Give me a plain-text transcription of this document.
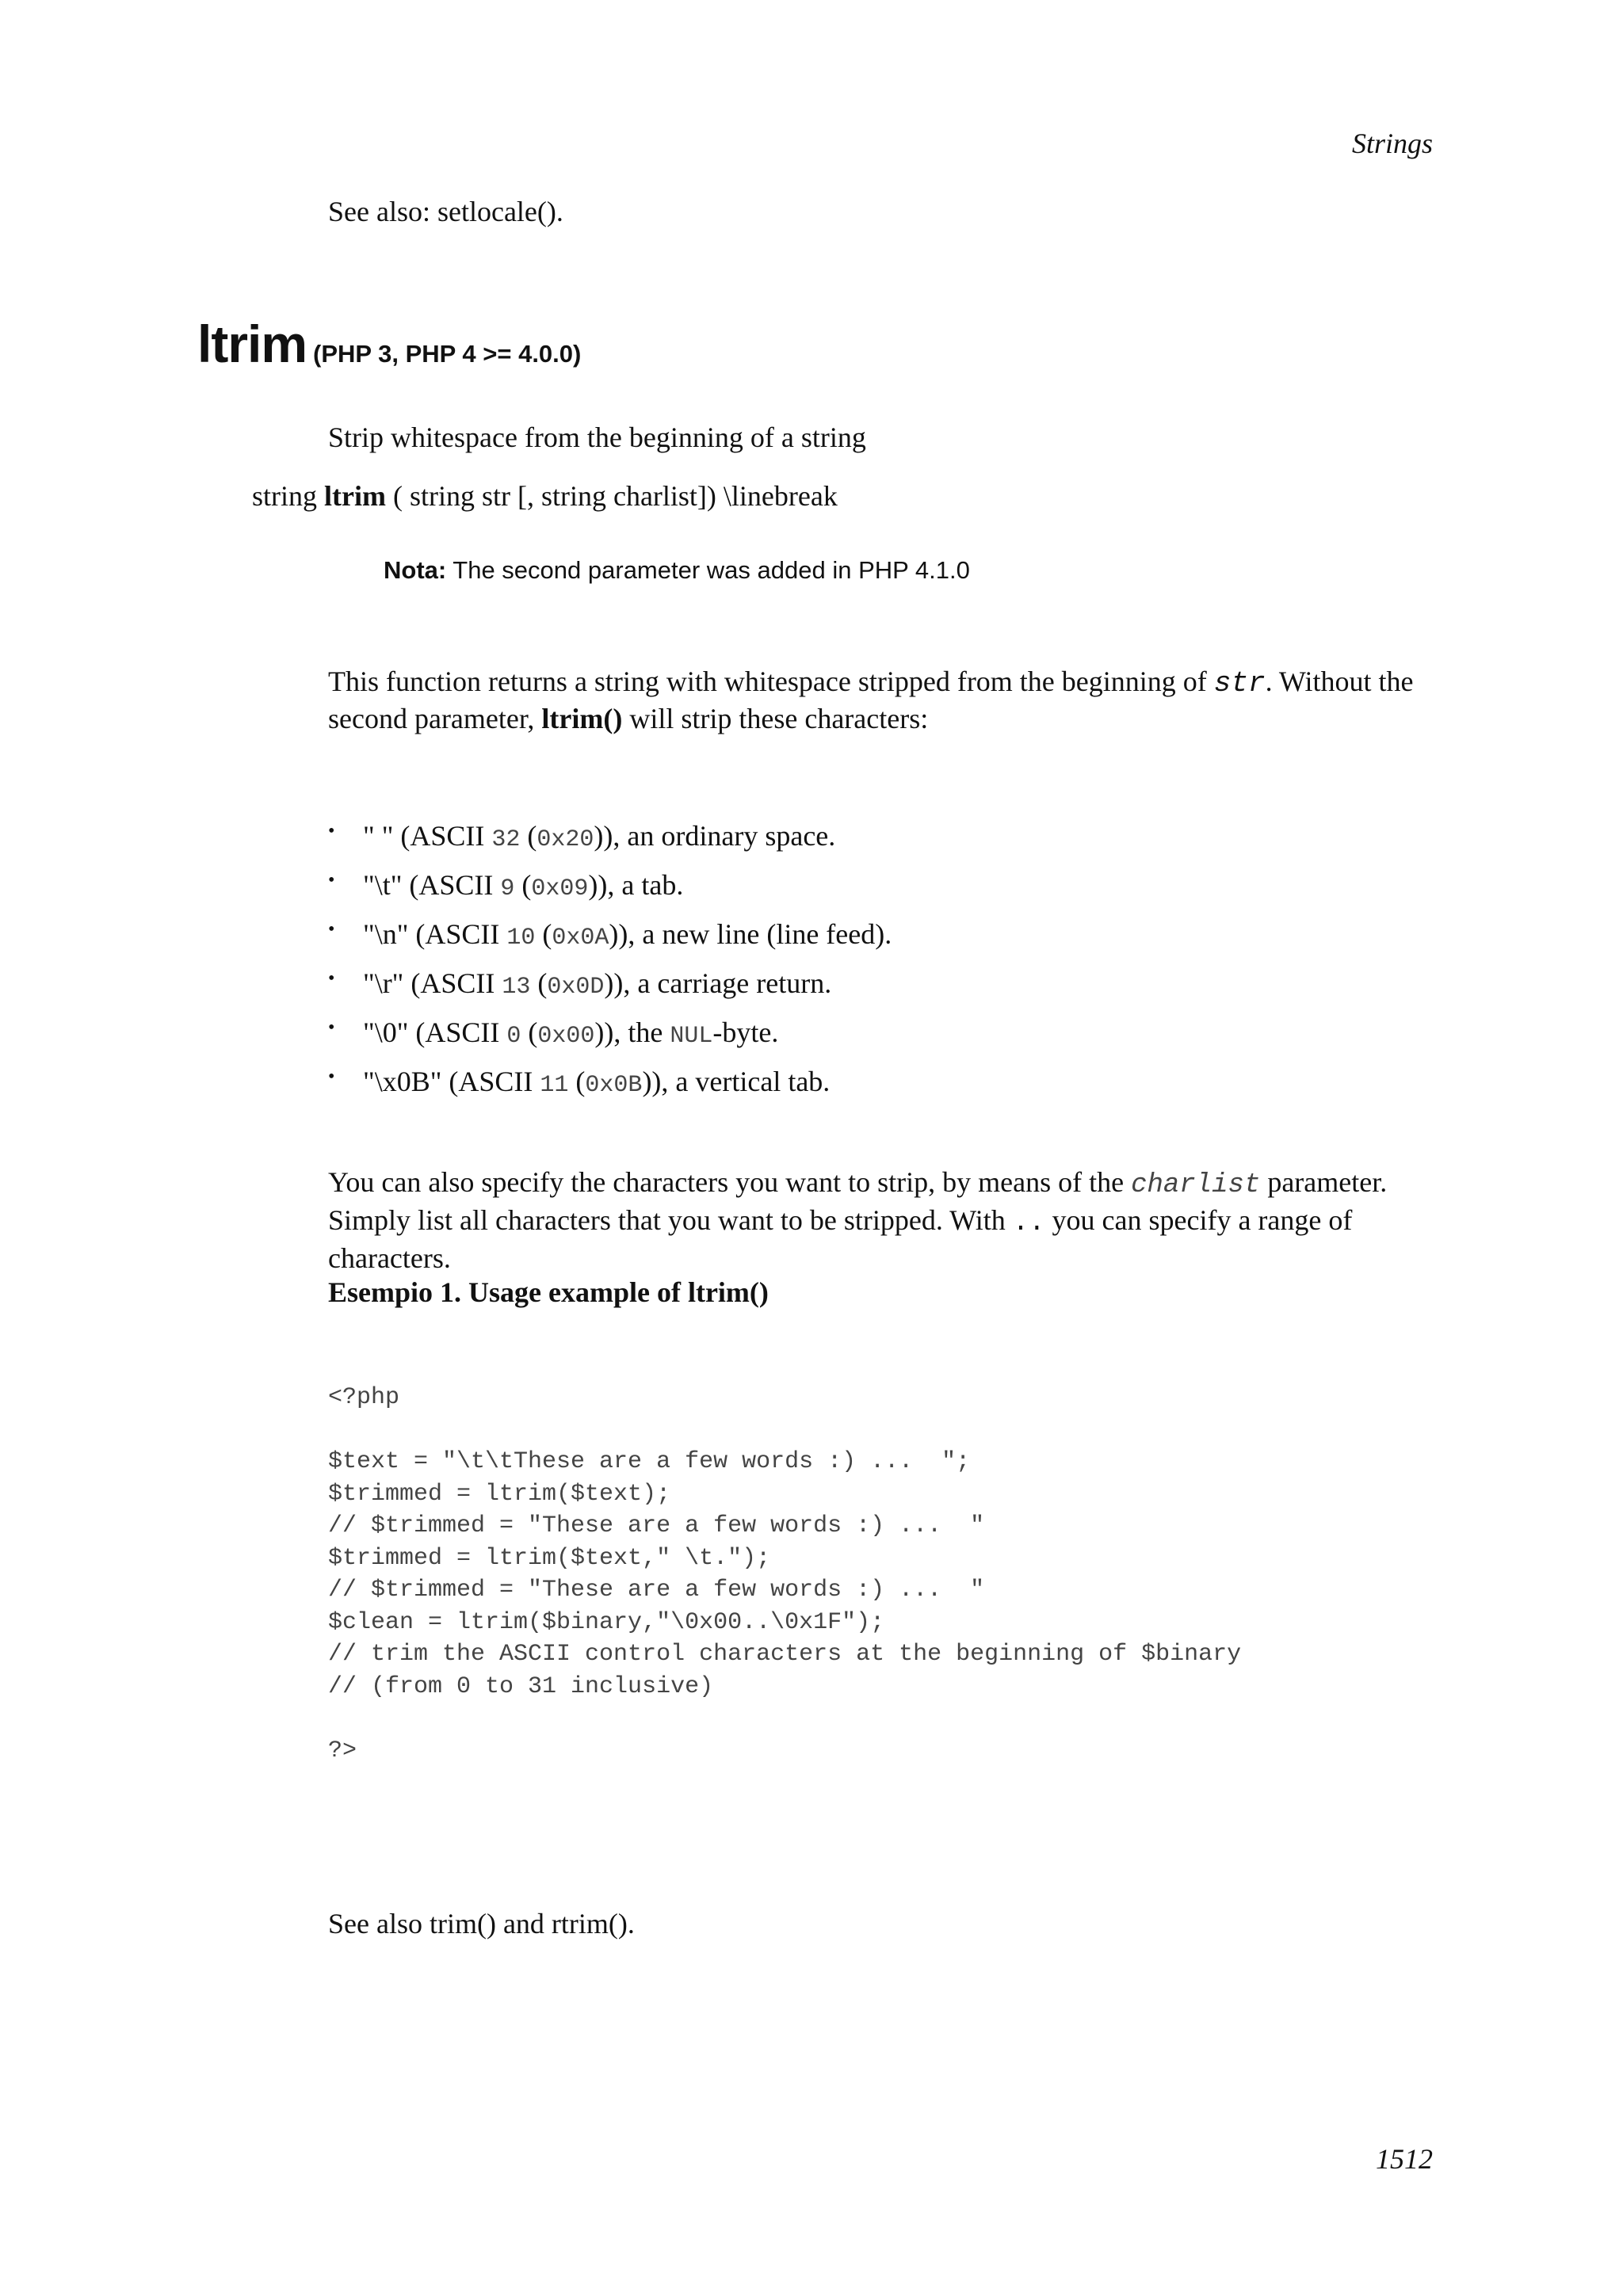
Strings

See also: setlocale().

ltrim (PHP 3, PHP 4 >= 4.0.0)

Strip whitespace from the beginning of a string

string ltrim ( string str [, string charlist]) \linebreak

Nota: The second parameter was added in PHP 4.1.0

This function returns a string with whitespace stripped from the beginning of str. Without the second parameter, ltrim() will strip these characters:

• " " (ASCII 32 (0x20)), an ordinary space.
• "\t" (ASCII 9 (0x09)), a tab.
• "\n" (ASCII 10 (0x0A)), a new line (line feed).
• "\r" (ASCII 13 (0x0D)), a carriage return.
• "\0" (ASCII 0 (0x00)), the NUL-byte.
• "\x0B" (ASCII 11 (0x0B)), a vertical tab.

You can also specify the characters you want to strip, by means of the charlist parameter. Simply list all characters that you want to be stripped. With .. you can specify a range of characters.

Esempio 1. Usage example of ltrim()

<?php

$text = "\t\tThese are a few words :) ...  ";
$trimmed = ltrim($text);
// $trimmed = "These are a few words :) ...  "
$trimmed = ltrim($text," \t.");
// $trimmed = "These are a few words :) ...  "
$clean = ltrim($binary,"\0x00..\0x1F");
// trim the ASCII control characters at the beginning of $binary
// (from 0 to 31 inclusive)

?>

See also trim() and rtrim().

1512
